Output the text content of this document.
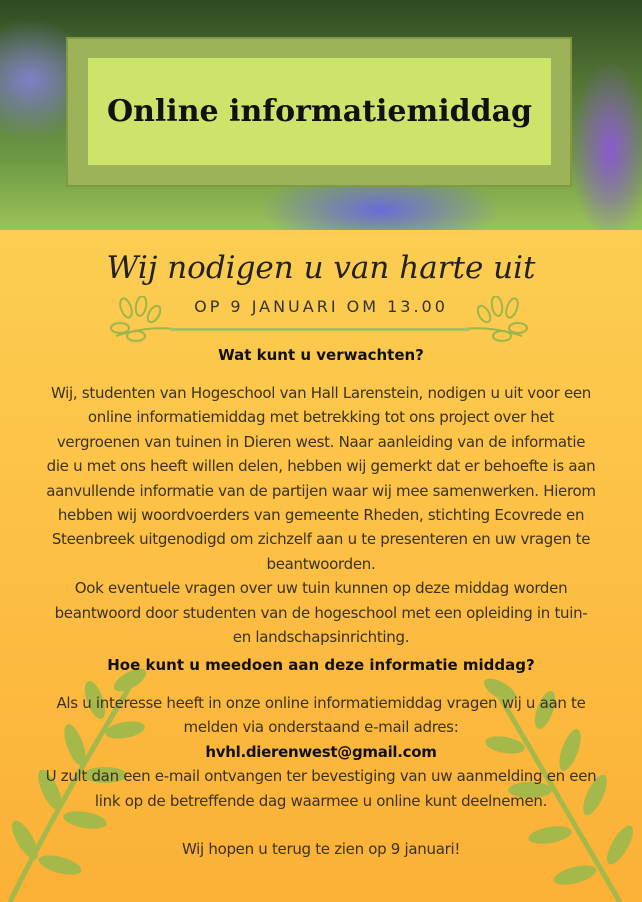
Online informatiemiddag
Wij nodigen u van harte uit
OP 9 JANUARI OM 13.00
Wat kunt u verwachten?
Wij, studenten van Hogeschool van Hall Larenstein, nodigen u uit voor een
online informatiemiddag met betrekking tot ons project over het
vergroenen van tuinen in Dieren west. Naar aanleiding van de informatie
die u met ons heeft willen delen, hebben wij gemerkt dat er behoefte is aan
aanvullende informatie van de partijen waar wij mee samenwerken. Hierom
hebben wij woordvoerders van gemeente Rheden, stichting Ecovrede en
Steenbreek uitgenodigd om zichzelf aan u te presenteren en uw vragen te
beantwoorden.
Ook eventuele vragen over uw tuin kunnen op deze middag worden
beantwoord door studenten van de hogeschool met een opleiding in tuin-
en landschapsinrichting.
Hoe kunt u meedoen aan deze informatie middag?
Als u interesse heeft in onze online informatiemiddag vragen wij u aan te
melden via onderstaand e-mail adres:
hvhl.dierenwest@gmail.com
U zult dan een e-mail ontvangen ter bevestiging van uw aanmelding en een
link op de betreffende dag waarmee u online kunt deelnemen.
Wij hopen u terug te zien op 9 januari!
